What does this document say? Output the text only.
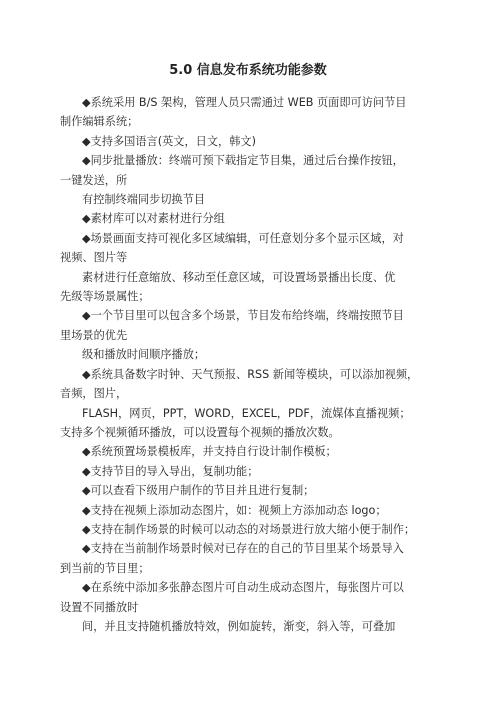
5.0 信息发布系统功能参数
◆系统采用 B/S 架构，管理人员只需通过 WEB 页面即可访问节目
制作编辑系统；
◆支持多国语言(英文，日文，韩文)
◆同步批量播放：终端可预下载指定节目集，通过后台操作按钮，
一键发送，所
有控制终端同步切换节目
◆素材库可以对素材进行分组
◆场景画面支持可视化多区域编辑，可任意划分多个显示区域，对
视频、图片等
素材进行任意缩放、移动至任意区域，可设置场景播出长度、优
先级等场景属性；
◆一个节目里可以包含多个场景，节目发布给终端，终端按照节目
里场景的优先
级和播放时间顺序播放；
◆系统具备数字时钟、天气预报、RSS 新闻等模块，可以添加视频，
音频，图片，
FLASH，网页，PPT，WORD，EXCEL，PDF，流媒体直播视频；
支持多个视频循环播放，可以设置每个视频的播放次数。
◆系统预置场景模板库，并支持自行设计制作模板；
◆支持节目的导入导出，复制功能；
◆可以查看下级用户制作的节目并且进行复制；
◆支持在视频上添加动态图片，如：视频上方添加动态 logo；
◆支持在制作场景的时候可以动态的对场景进行放大缩小便于制作；
◆支持在当前制作场景时候对已存在的自己的节目里某个场景导入
到当前的节目里；
◆在系统中添加多张静态图片可自动生成动态图片，每张图片可以
设置不同播放时
间，并且支持随机播放特效，例如旋转，渐变，斜入等，可叠加
